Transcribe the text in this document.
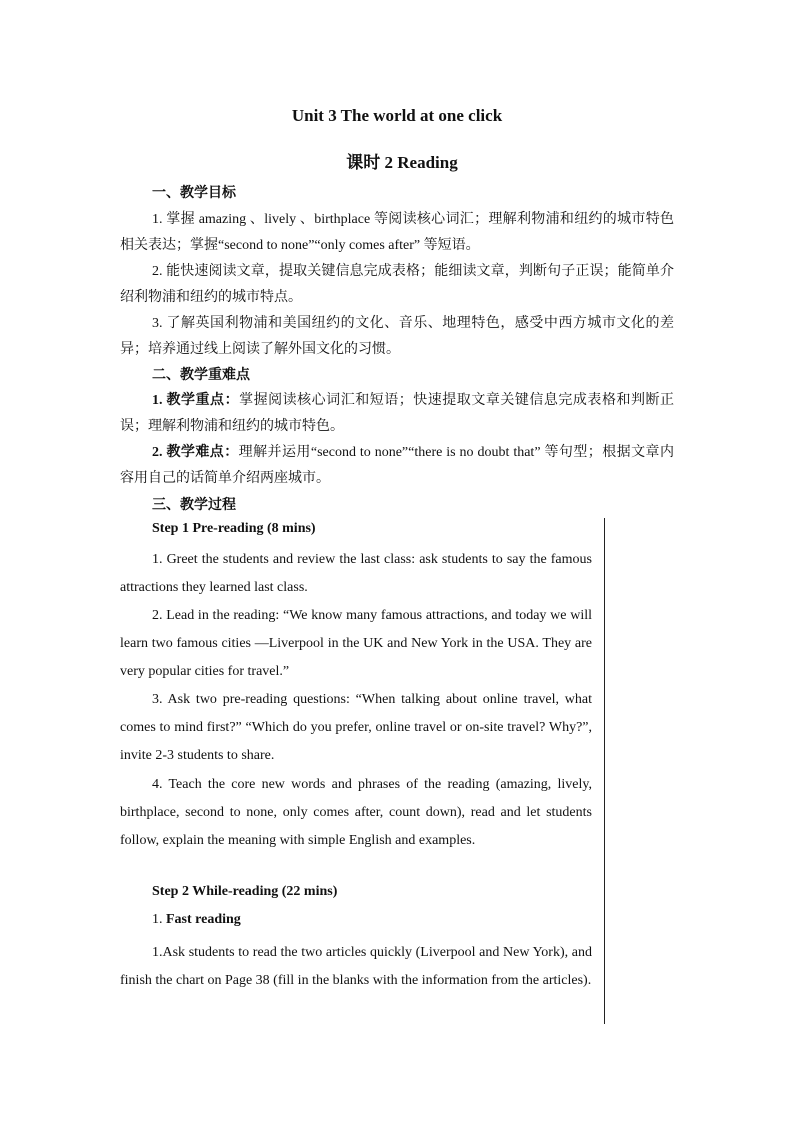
Unit 3 The world at one click
课时 2 Reading
一、教学目标
1. 掌握 amazing 、lively 、birthplace 等阅读核心词汇；理解利物浦和纽约的城市特色相关表达；掌握“second to none”“only comes after” 等短语。
2. 能快速阅读文章，提取关键信息完成表格；能细读文章，判断句子正误；能简单介绍利物浦和纽约的城市特点。
3. 了解英国利物浦和美国纽约的文化、音乐、地理特色，感受中西方城市文化的差异；培养通过线上阅读了解外国文化的习惯。
二、教学重难点
1. 教学重点：掌握阅读核心词汇和短语；快速提取文章关键信息完成表格和判断正误；理解利物浦和纽约的城市特色。
2. 教学难点：理解并运用“second to none”“there is no doubt that” 等句型；根据文章内容用自己的话简单介绍两座城市。
三、教学过程
Step 1 Pre-reading (8 mins)
1. Greet the students and review the last class: ask students to say the famous attractions they learned last class.
2. Lead in the reading: “We know many famous attractions, and today we will learn two famous cities —Liverpool in the UK and New York in the USA. They are very popular cities for travel.”
3. Ask two pre-reading questions: “When talking about online travel, what comes to mind first?” “Which do you prefer, online travel or on-site travel? Why?”, invite 2-3 students to share.
4. Teach the core new words and phrases of the reading (amazing, lively, birthplace, second to none, only comes after, count down), read and let students follow, explain the meaning with simple English and examples.
Step 2 While-reading (22 mins)
1. Fast reading
1.Ask students to read the two articles quickly (Liverpool and New York), and finish the chart on Page 38 (fill in the blanks with the information from the articles).
